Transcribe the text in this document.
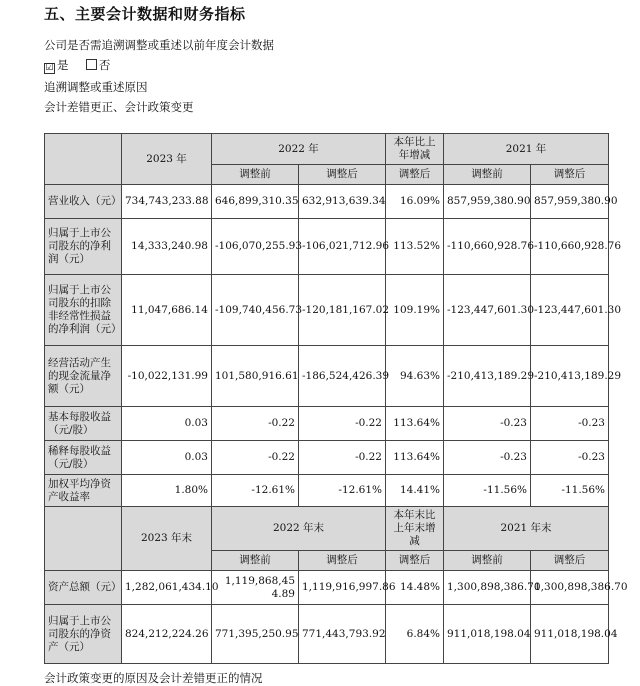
五、主要会计数据和财务指标
公司是否需追溯调整或重述以前年度会计数据
☑ 是	否
追溯调整或重述原因
会计差错更正、会计政策变更
	2023 年	2022 年		本年比上年增减	2021 年	
		调整前	调整后	调整后	调整前	调整后
营业收入（元）	734,743,233.88	646,899,310.35	632,913,639.34	16.09%	857,959,380.90	857,959,380.90
归属于上市公司股东的净利润（元）	14,333,240.98	-106,070,255.93	-106,021,712.96	113.52%	-110,660,928.76	-110,660,928.76
归属于上市公司股东的扣除非经常性损益的净利润（元）	11,047,686.14	-109,740,456.73	-120,181,167.02	109.19%	-123,447,601.30	-123,447,601.30
经营活动产生的现金流量净额（元）	-10,022,131.99	101,580,916.61	-186,524,426.39	94.63%	-210,413,189.29	-210,413,189.29
基本每股收益（元/股）	0.03	-0.22	-0.22	113.64%	-0.23	-0.23
稀释每股收益（元/股）	0.03	-0.22	-0.22	113.64%	-0.23	-0.23
加权平均净资产收益率	1.80%	-12.61%	-12.61%	14.41%	-11.56%	-11.56%
	2023 年末	2022 年末		本年末比上年末增减	2021 年末	
		调整前	调整后	调整后	调整前	调整后
资产总额（元）	1,282,061,434.10	1,119,868,454.89	1,119,916,997.86	14.48%	1,300,898,386.70	1,300,898,386.70
归属于上市公司股东的净资产（元）	824,212,224.26	771,395,250.95	771,443,793.92	6.84%	911,018,198.04	911,018,198.04
会计政策变更的原因及会计差错更正的情况
